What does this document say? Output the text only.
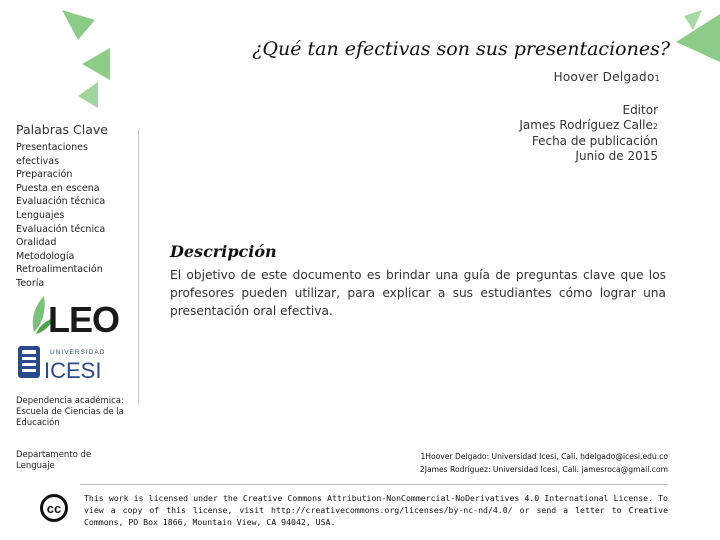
¿Qué tan efectivas son sus presentaciones?
Hoover Delgado1
Editor
James Rodríguez Calle2
Fecha de publicación
Junio de 2015
Palabras Clave
Presentaciones
efectivas
Preparación
Puesta en escena
Evaluación técnica
Lenguajes
Evaluación técnica
Oralidad
Metodología
Retroalimentación
Teoría
LEO
UNIVERSIDAD
ICESI
Descripción
El objetivo de este documento es brindar una guía de preguntas clave que los profesores pueden utilizar, para explicar a sus estudiantes cómo lograr una presentación oral efectiva.
Dependencia académica: Escuela de Ciencias de la Educación
Departamento de Lenguaje
1Hoover Delgado: Universidad Icesi, Cali. hdelgado@icesi.edu.co
2James Rodríguez: Universidad Icesi, Cali. jamesroca@gmail.com
cc
This work is licensed under the Creative Commons Attribution-NonCommercial-NoDerivatives 4.0 International License. To view a copy of this license, visit http://creativecommons.org/licenses/by-nc-nd/4.0/ or send a letter to Creative Commons, PO Box 1866, Mountain View, CA 94042, USA.
